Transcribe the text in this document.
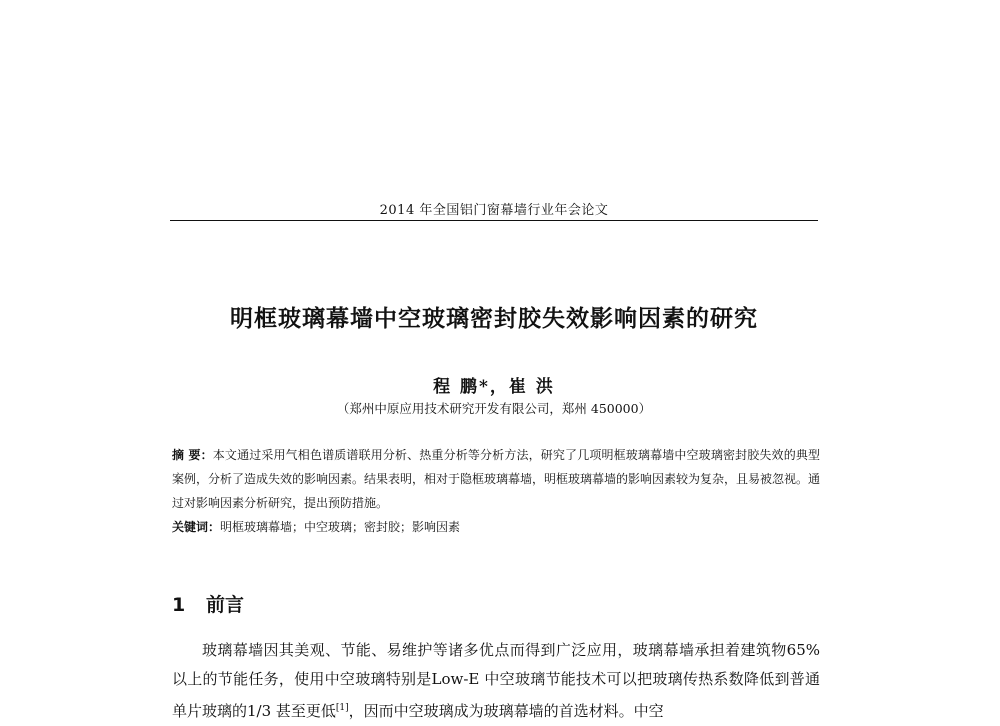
2014 年全国铝门窗幕墙行业年会论文
明框玻璃幕墙中空玻璃密封胶失效影响因素的研究
程 鹏*，崔 洪
（郑州中原应用技术研究开发有限公司，郑州 450000）
摘 要：本文通过采用气相色谱质谱联用分析、热重分析等分析方法，研究了几项明框玻璃幕墙中空玻璃密封胶失效的典型案例，分析了造成失效的影响因素。结果表明，相对于隐框玻璃幕墙，明框玻璃幕墙的影响因素较为复杂，且易被忽视。通过对影响因素分析研究，提出预防措施。
关键词：明框玻璃幕墙；中空玻璃；密封胶；影响因素
1 前言
玻璃幕墙因其美观、节能、易维护等诸多优点而得到广泛应用，玻璃幕墙承担着建筑物65%以上的节能任务，使用中空玻璃特别是Low-E 中空玻璃节能技术可以把玻璃传热系数降低到普通单片玻璃的1/3 甚至更低[1]，因而中空玻璃成为玻璃幕墙的首选材料。中空
